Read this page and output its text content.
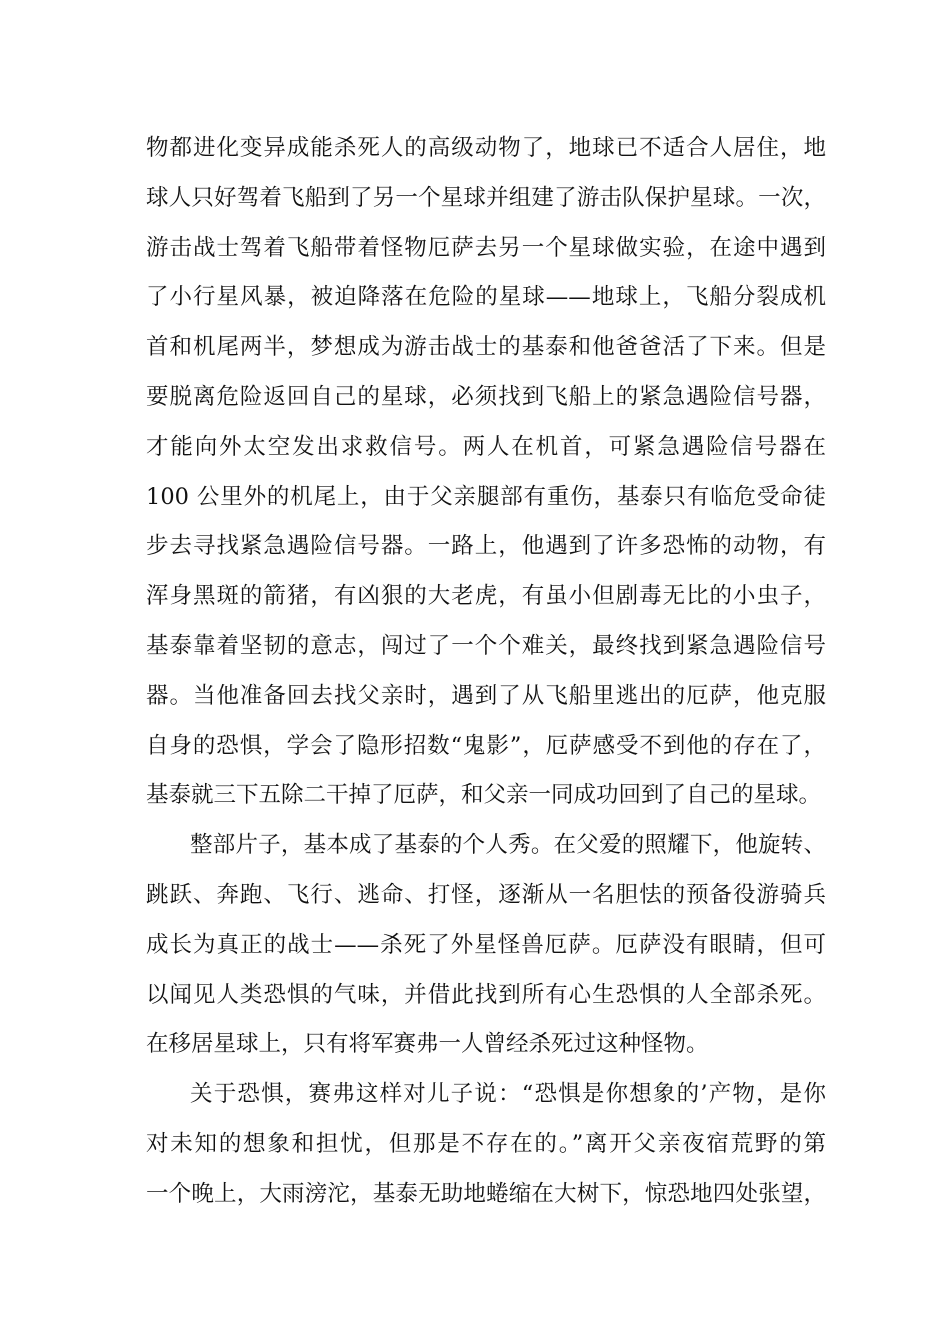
物都进化变异成能杀死人的高级动物了，地球已不适合人居住，地
球人只好驾着飞船到了另一个星球并组建了游击队保护星球。一次，
游击战士驾着飞船带着怪物厄萨去另一个星球做实验，在途中遇到
了小行星风暴，被迫降落在危险的星球——地球上，飞船分裂成机
首和机尾两半，梦想成为游击战士的基泰和他爸爸活了下来。但是
要脱离危险返回自己的星球，必须找到飞船上的紧急遇险信号器，
才能向外太空发出求救信号。两人在机首，可紧急遇险信号器在
100 公里外的机尾上，由于父亲腿部有重伤，基泰只有临危受命徒
步去寻找紧急遇险信号器。一路上，他遇到了许多恐怖的动物，有
浑身黑斑的箭猪，有凶狠的大老虎，有虽小但剧毒无比的小虫子，
基泰靠着坚韧的意志，闯过了一个个难关，最终找到紧急遇险信号
器。当他准备回去找父亲时，遇到了从飞船里逃出的厄萨，他克服
自身的恐惧，学会了隐形招数“鬼影”，厄萨感受不到他的存在了，
基泰就三下五除二干掉了厄萨，和父亲一同成功回到了自己的星球。
整部片子，基本成了基泰的个人秀。在父爱的照耀下，他旋转、
跳跃、奔跑、飞行、逃命、打怪，逐渐从一名胆怯的预备役游骑兵
成长为真正的战士——杀死了外星怪兽厄萨。厄萨没有眼睛，但可
以闻见人类恐惧的气味，并借此找到所有心生恐惧的人全部杀死。
在移居星球上，只有将军赛弗一人曾经杀死过这种怪物。
关于恐惧，赛弗这样对儿子说：“恐惧是你想象的’产物，是你
对未知的想象和担忧，但那是不存在的。”离开父亲夜宿荒野的第
一个晚上，大雨滂沱，基泰无助地蜷缩在大树下，惊恐地四处张望，
